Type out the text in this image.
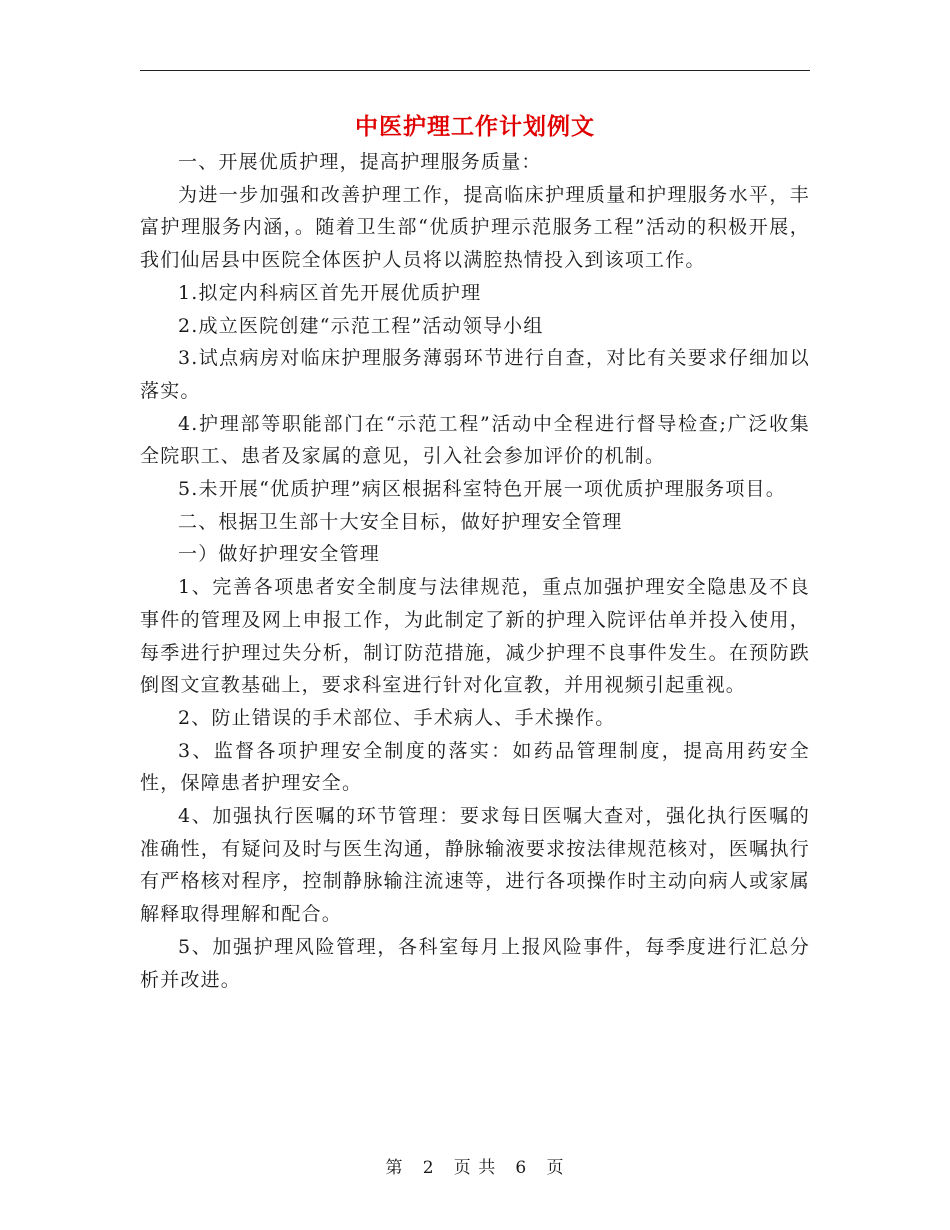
中医护理工作计划例文

一、开展优质护理，提高护理服务质量：

为进一步加强和改善护理工作，提高临床护理质量和护理服务水平，丰富护理服务内涵，。随着卫生部“优质护理示范服务工程”活动的积极开展，我们仙居县中医院全体医护人员将以满腔热情投入到该项工作。

1.拟定内科病区首先开展优质护理

2.成立医院创建“示范工程”活动领导小组

3.试点病房对临床护理服务薄弱环节进行自查，对比有关要求仔细加以落实。

4.护理部等职能部门在“示范工程”活动中全程进行督导检查;广泛收集全院职工、患者及家属的意见，引入社会参加评价的机制。

5.未开展“优质护理”病区根据科室特色开展一项优质护理服务项目。

二、根据卫生部十大安全目标，做好护理安全管理

一）做好护理安全管理

1、完善各项患者安全制度与法律规范，重点加强护理安全隐患及不良事件的管理及网上申报工作，为此制定了新的护理入院评估单并投入使用，每季进行护理过失分析，制订防范措施，减少护理不良事件发生。在预防跌倒图文宣教基础上，要求科室进行针对化宣教，并用视频引起重视。

2、防止错误的手术部位、手术病人、手术操作。

3、监督各项护理安全制度的落实：如药品管理制度，提高用药安全性，保障患者护理安全。

4、加强执行医嘱的环节管理：要求每日医嘱大查对，强化执行医嘱的准确性，有疑问及时与医生沟通，静脉输液要求按法律规范核对，医嘱执行有严格核对程序，控制静脉输注流速等，进行各项操作时主动向病人或家属解释取得理解和配合。

5、加强护理风险管理，各科室每月上报风险事件，每季度进行汇总分析并改进。

第 2 页 共 6 页
